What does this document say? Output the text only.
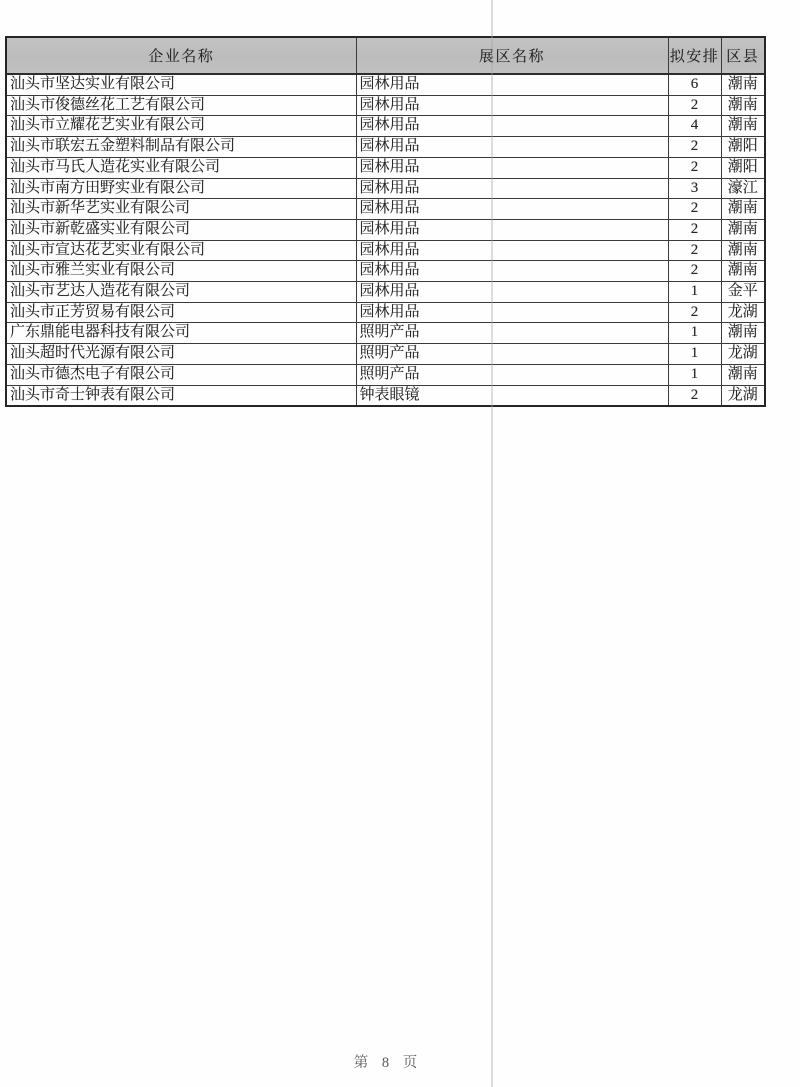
企业名称	展区名称	拟安排	区县
汕头市坚达实业有限公司	园林用品	6	潮南
汕头市俊德丝花工艺有限公司	园林用品	2	潮南
汕头市立耀花艺实业有限公司	园林用品	4	潮南
汕头市联宏五金塑料制品有限公司	园林用品	2	潮阳
汕头市马氏人造花实业有限公司	园林用品	2	潮阳
汕头市南方田野实业有限公司	园林用品	3	濠江
汕头市新华艺实业有限公司	园林用品	2	潮南
汕头市新乾盛实业有限公司	园林用品	2	潮南
汕头市宣达花艺实业有限公司	园林用品	2	潮南
汕头市雅兰实业有限公司	园林用品	2	潮南
汕头市艺达人造花有限公司	园林用品	1	金平
汕头市正芳贸易有限公司	园林用品	2	龙湖
广东鼎能电器科技有限公司	照明产品	1	潮南
汕头超时代光源有限公司	照明产品	1	龙湖
汕头市德杰电子有限公司	照明产品	1	潮南
汕头市奇士钟表有限公司	钟表眼镜	2	龙湖
第 8 页
